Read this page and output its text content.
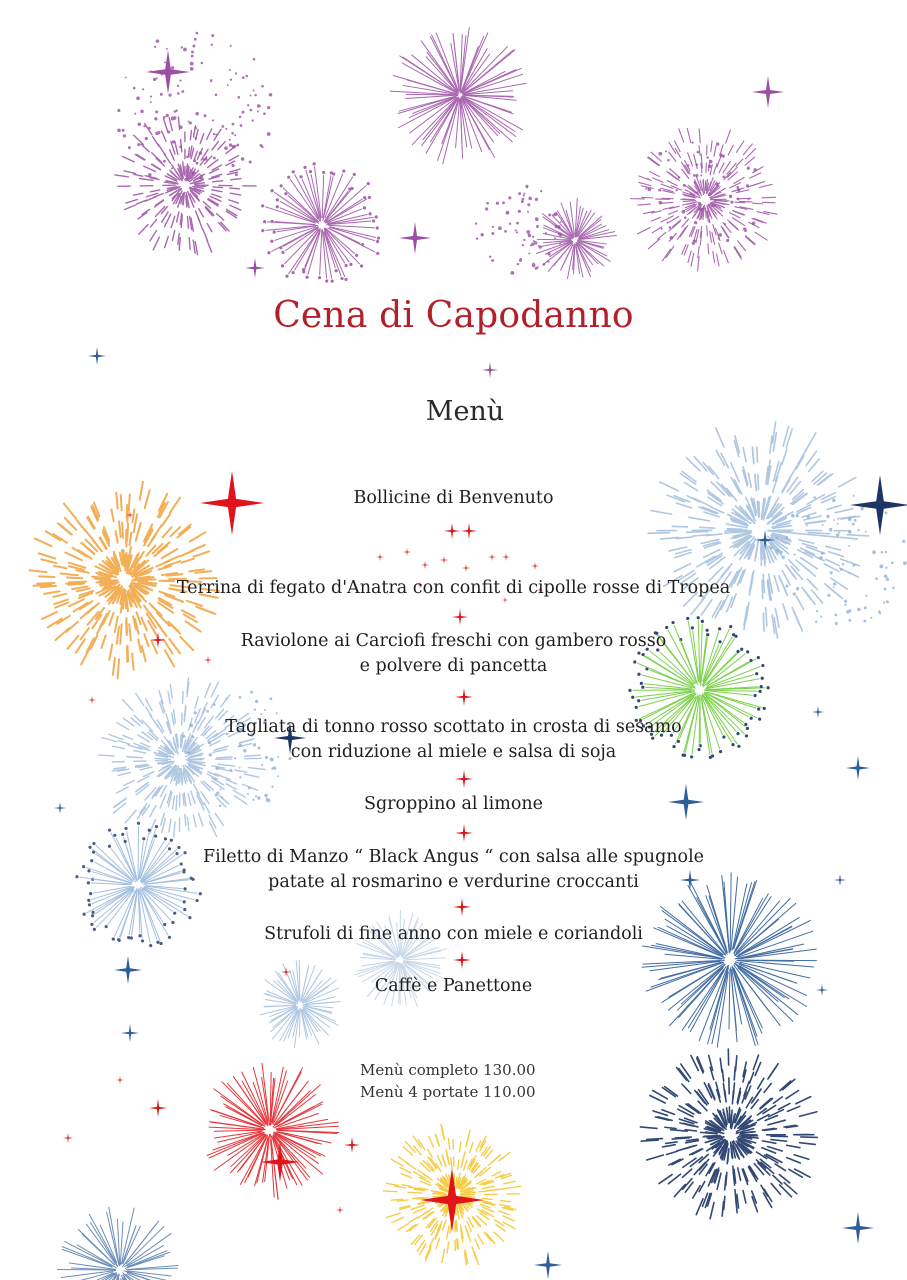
Cena di Capodanno
Menù
Bollicine di Benvenuto
Terrina di fegato d'Anatra con confit di cipolle rosse di Tropea
Raviolone ai Carciofi freschi con gambero rosso
e polvere di pancetta
Tagliata di tonno rosso scottato in crosta di sesamo
con riduzione al miele e salsa di soja
Sgroppino al limone
Filetto di Manzo “ Black Angus “ con salsa alle spugnole
patate al rosmarino e verdurine croccanti
Strufoli di fine anno con miele e coriandoli
Caffè e Panettone
Menù completo 130.00
Menù 4 portate 110.00
